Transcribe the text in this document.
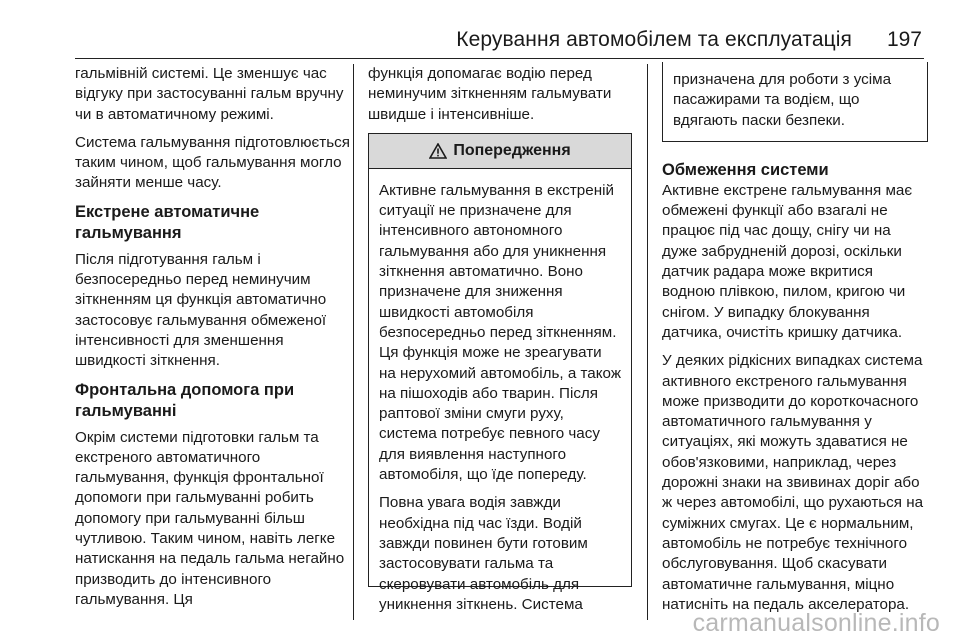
Керування автомобілем та експлуатація 197

гальмівній системі. Це зменшує час відгуку при застосуванні гальм вручну чи в автоматичному режимі.

Система гальмування підготовлюється таким чином, щоб гальмування могло зайняти менше часу.

Екстрене автоматичне гальмування

Після підготування гальм і безпосередньо перед неминучим зіткненням ця функція автоматично застосовує гальмування обмеженої інтенсивності для зменшення швидкості зіткнення.

Фронтальна допомога при гальмуванні

Окрім системи підготовки гальм та екстреного автоматичного гальмування, функція фронтальної допомоги при гальмуванні робить допомогу при гальмуванні більш чутливою. Таким чином, навіть легке натискання на педаль гальма негайно призводить до інтенсивного гальмування. Ця

функція допомагає водію перед неминучим зіткненням гальмувати швидше і інтенсивніше.

Попередження

Активне гальмування в екстреній ситуації не призначене для інтенсивного автономного гальмування або для уникнення зіткнення автоматично. Воно призначене для зниження швидкості автомобіля безпосередньо перед зіткненням. Ця функція може не зреагувати на нерухомий автомобіль, а також на пішоходів або тварин. Після раптової зміни смуги руху, система потребує певного часу для виявлення наступного автомобіля, що їде попереду.

Повна увага водія завжди необхідна під час їзди. Водій завжди повинен бути готовим застосовувати гальма та скеровувати автомобіль для уникнення зіткнень. Система

призначена для роботи з усіма пасажирами та водієм, що вдягають паски безпеки.
Обмеження системи

Активне екстрене гальмування має обмежені функції або взагалі не працює під час дощу, снігу чи на дуже забрудненій дорозі, оскільки датчик радара може вкритися водною плівкою, пилом, кригою чи снігом. У випадку блокування датчика, очистіть кришку датчика.

У деяких рідкісних випадках система активного екстреного гальмування може призводити до короткочасного автоматичного гальмування у ситуаціях, які можуть здаватися не обов'язковими, наприклад, через дорожні знаки на звивинах доріг або ж через автомобілі, що рухаються на суміжних смугах. Це є нормальним, автомобіль не потребує технічного обслуговування. Щоб скасувати автоматичне гальмування, міцно натисніть на педаль акселератора.

carmanualsonline.info
